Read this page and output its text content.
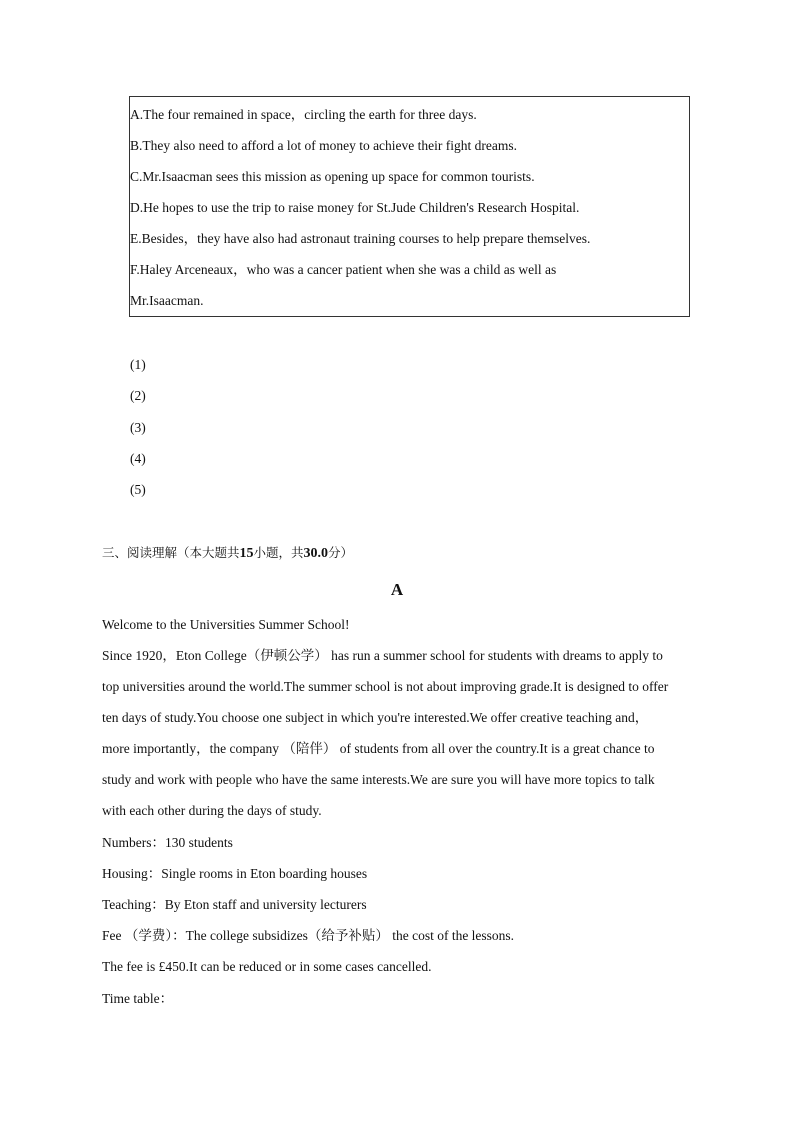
A.The four remained in space，circling the earth for three days.
B.They also need to afford a lot of money to achieve their fight dreams.
C.Mr.Isaacman sees this mission as opening up space for common tourists.
D.He hopes to use the trip to raise money for St.Jude Children's Research Hospital.
E.Besides，they have also had astronaut training courses to help prepare themselves.
F.Haley Arceneaux，who was a cancer patient when she was a child as well as
Mr.Isaacman.
(1)
(2)
(3)
(4)
(5)
三、阅读理解（本大题共15小题，共30.0分）
A
Welcome to the Universities Summer School!
Since 1920，Eton College（伊顿公学） has run a summer school for students with dreams to apply to
top universities around the world.The summer school is not about improving grade.It is designed to offer
ten days of study.You choose one subject in which you're interested.We offer creative teaching and，
more importantly，the company （陪伴） of students from all over the country.It is a great chance to
study and work with people who have the same interests.We are sure you will have more topics to talk
with each other during the days of study.
Numbers：130 students
Housing：Single rooms in Eton boarding houses
Teaching：By Eton staff and university lecturers
Fee （学费）：The college subsidizes（给予补贴） the cost of the lessons.
The fee is £450.It can be reduced or in some cases cancelled.
Time table：
